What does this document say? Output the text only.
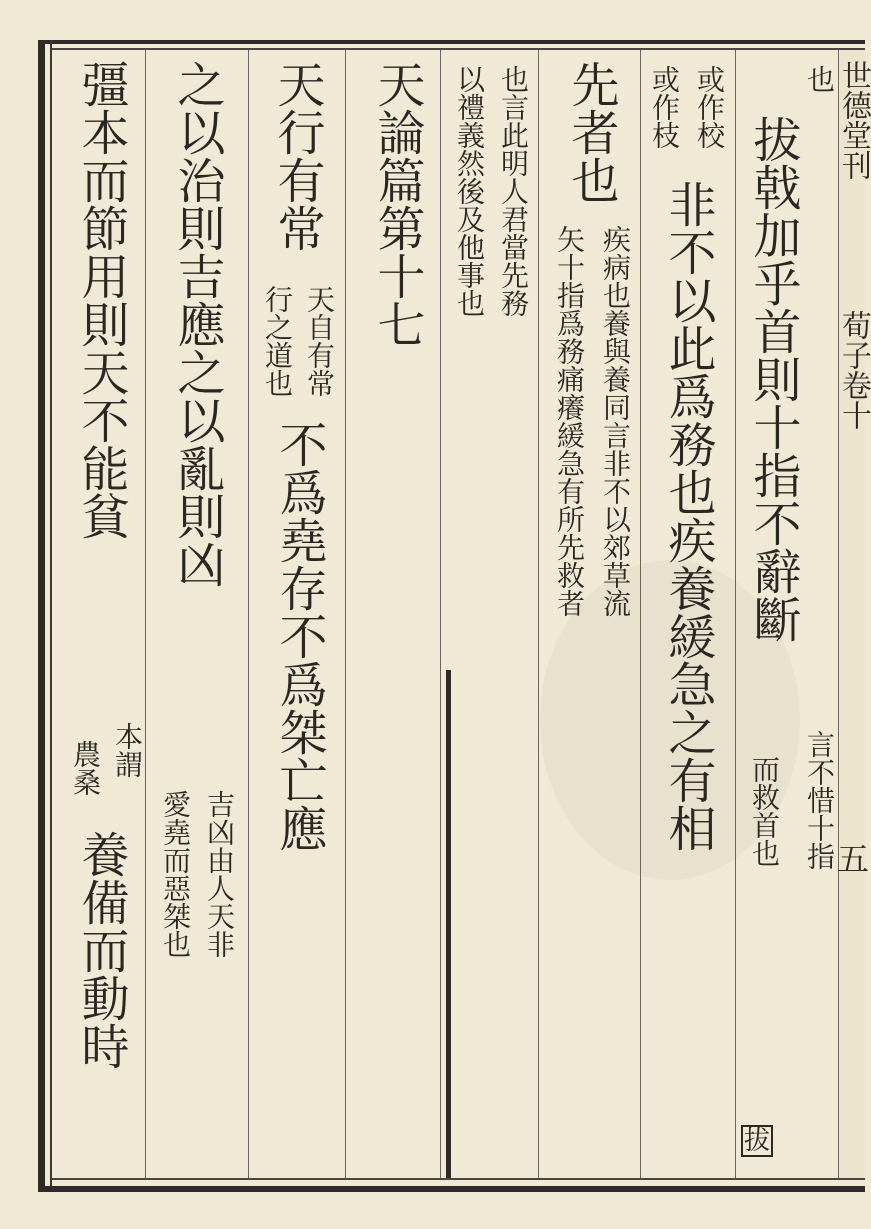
世德堂刊
荀子卷十
五
也
拔戟加乎首則十指不辭斷
言不惜十指
而救首也
拔
或作校
或作枝
非不以此爲務也疾養緩急之有相
先者也
疾病也養與養同言非不以郊草流
矢十指爲務痛癢緩急有所先救者
也言此明人君當先務
以禮義然後及他事也
天論篇第十七
天行有常
天自有常
行之道也
不爲堯存不爲桀亡應
之以治則吉應之以亂則凶
吉凶由人天非
愛堯而惡桀也
彊本而節用則天不能貧
本謂
農桑
養備而動時
